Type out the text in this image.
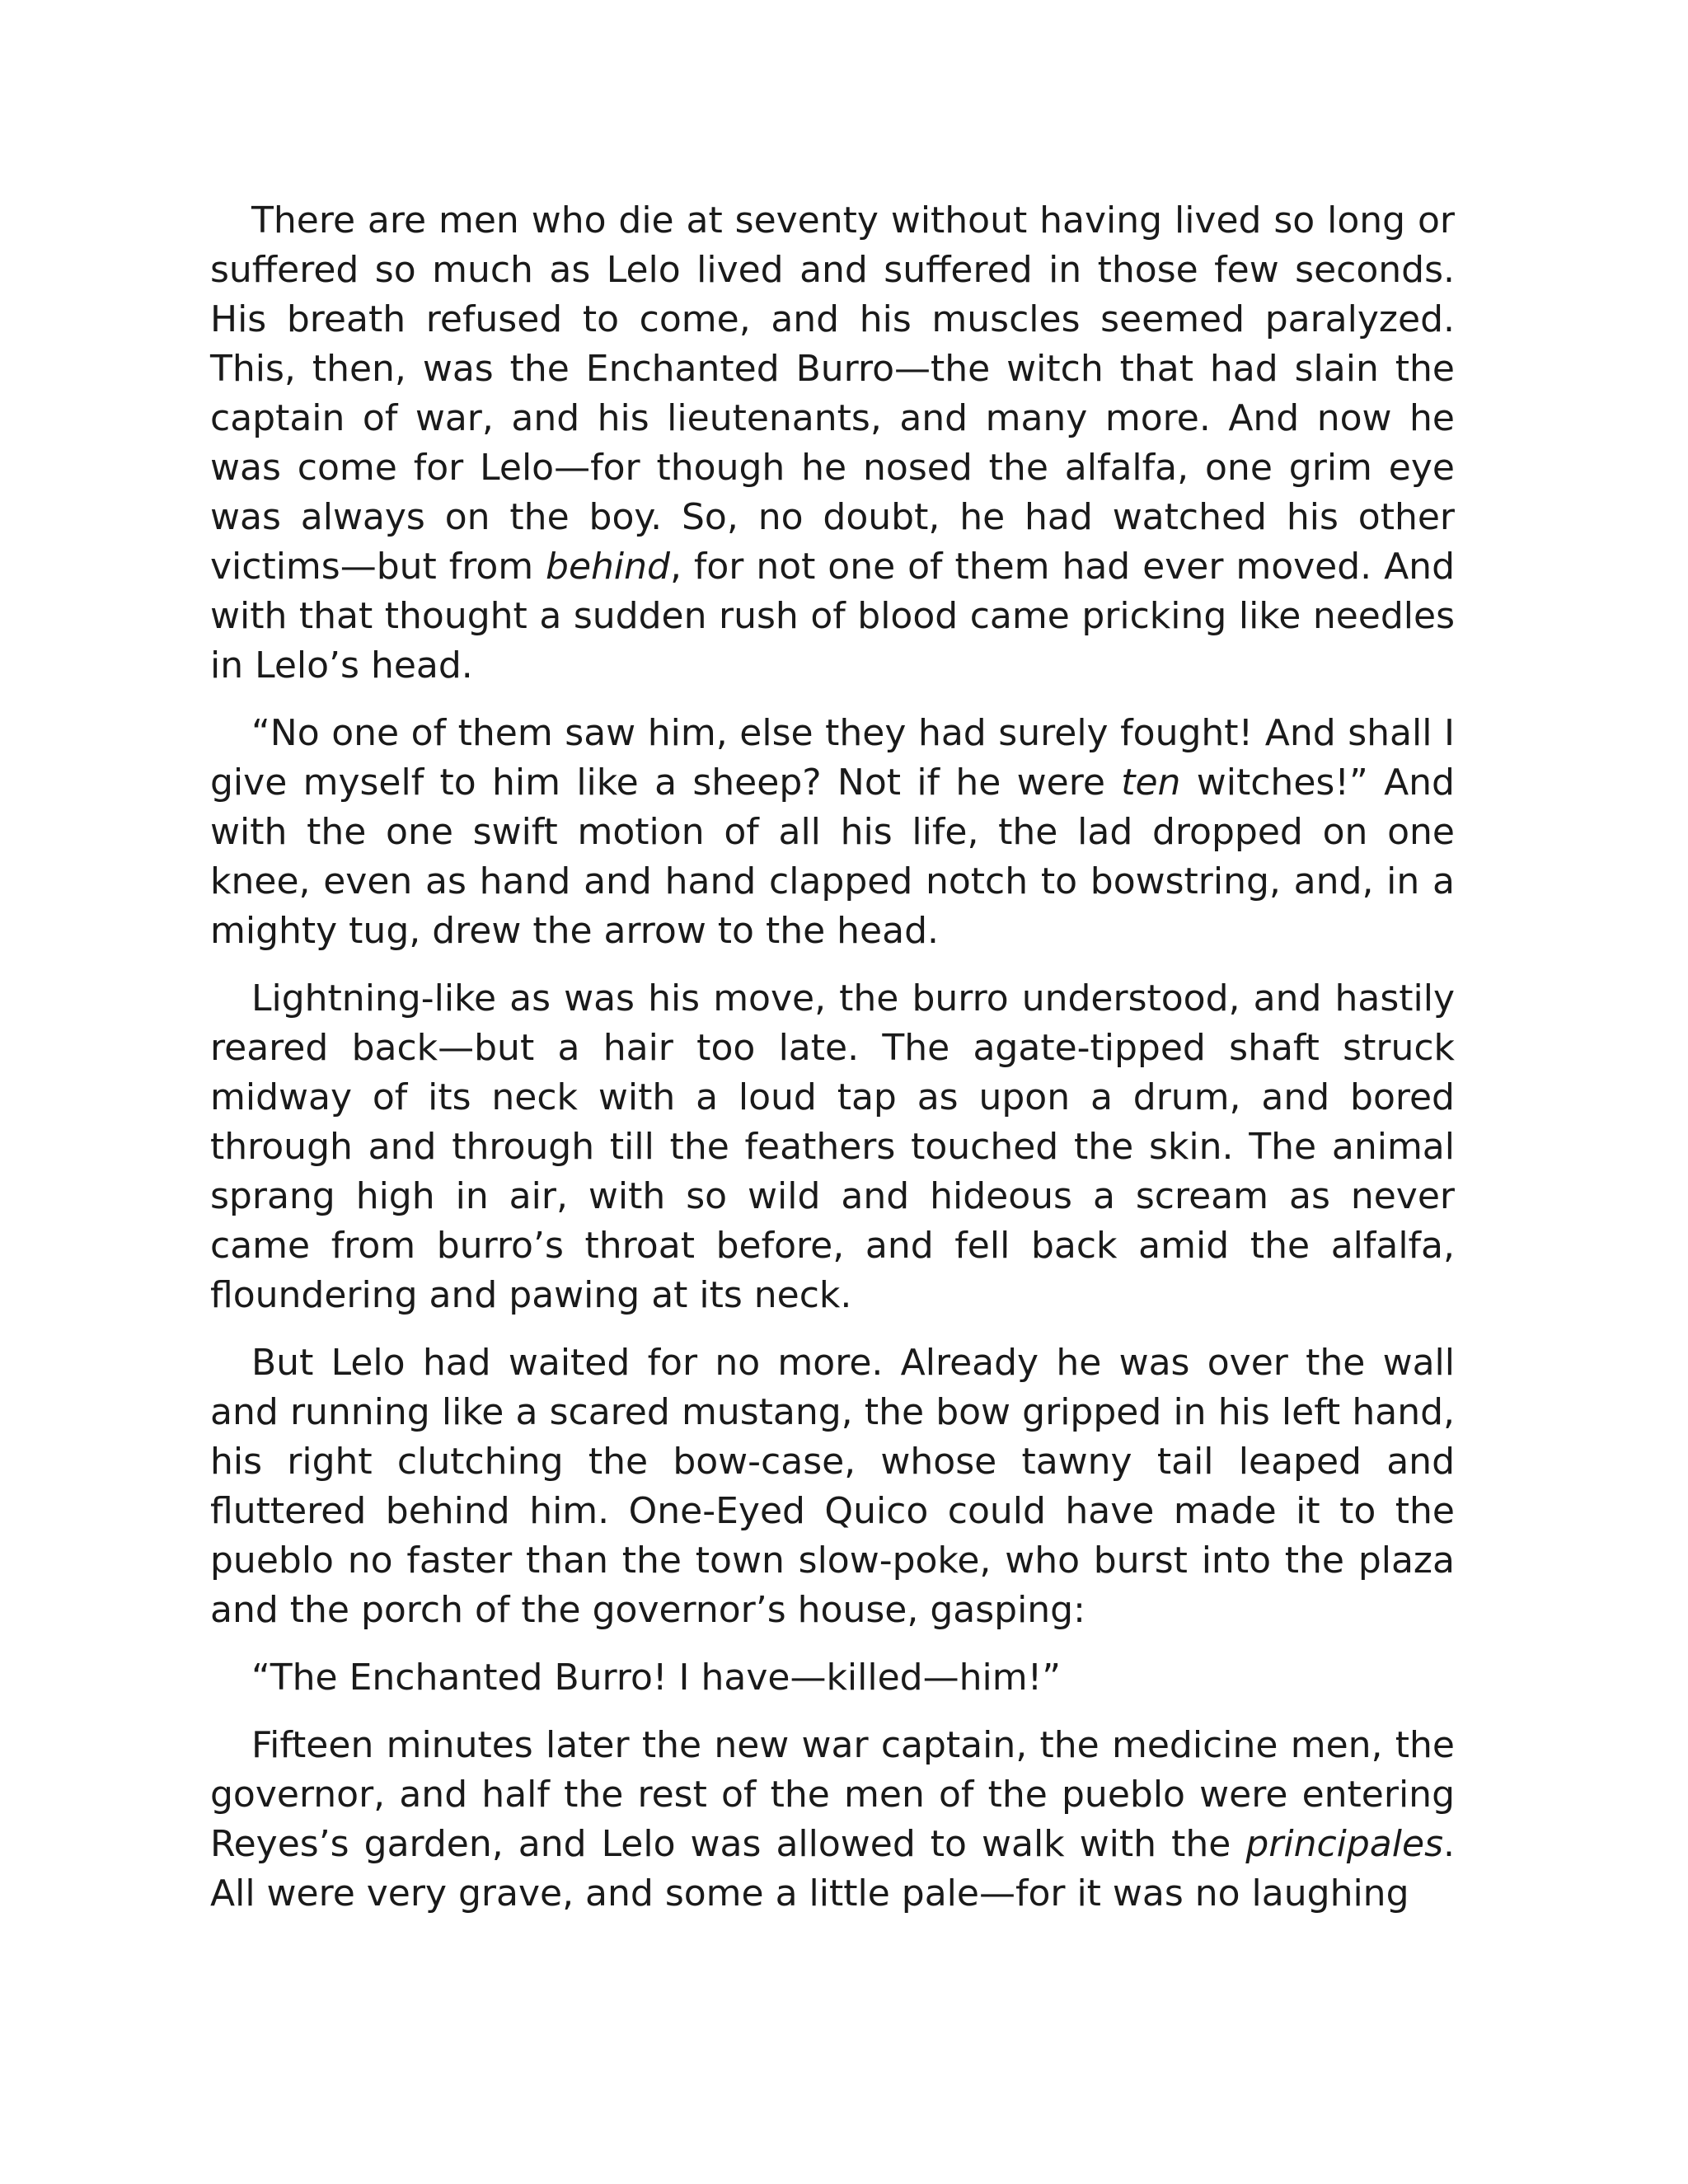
There are men who die at seventy without having lived so long or suffered so much as Lelo lived and suffered in those few seconds. His breath refused to come, and his muscles seemed paralyzed. This, then, was the Enchanted Burro—the witch that had slain the captain of war, and his lieutenants, and many more. And now he was come for Lelo—for though he nosed the alfalfa, one grim eye was always on the boy. So, no doubt, he had watched his other victims—but from behind, for not one of them had ever moved. And with that thought a sudden rush of blood came pricking like needles in Lelo’s head.

“No one of them saw him, else they had surely fought! And shall I give myself to him like a sheep? Not if he were ten witches!” And with the one swift motion of all his life, the lad dropped on one knee, even as hand and hand clapped notch to bowstring, and, in a mighty tug, drew the arrow to the head.

Lightning-like as was his move, the burro understood, and hastily reared back—but a hair too late. The agate-tipped shaft struck midway of its neck with a loud tap as upon a drum, and bored through and through till the feathers touched the skin. The animal sprang high in air, with so wild and hideous a scream as never came from burro’s throat before, and fell back amid the alfalfa, floundering and pawing at its neck.

But Lelo had waited for no more. Already he was over the wall and running like a scared mustang, the bow gripped in his left hand, his right clutching the bow-case, whose tawny tail leaped and fluttered behind him. One-Eyed Quico could have made it to the pueblo no faster than the town slow-poke, who burst into the plaza and the porch of the governor’s house, gasping:

“The Enchanted Burro! I have—killed—him!”

Fifteen minutes later the new war captain, the medicine men, the governor, and half the rest of the men of the pueblo were entering Reyes’s garden, and Lelo was allowed to walk with the principales. All were very grave, and some a little pale—for it was no laughing
